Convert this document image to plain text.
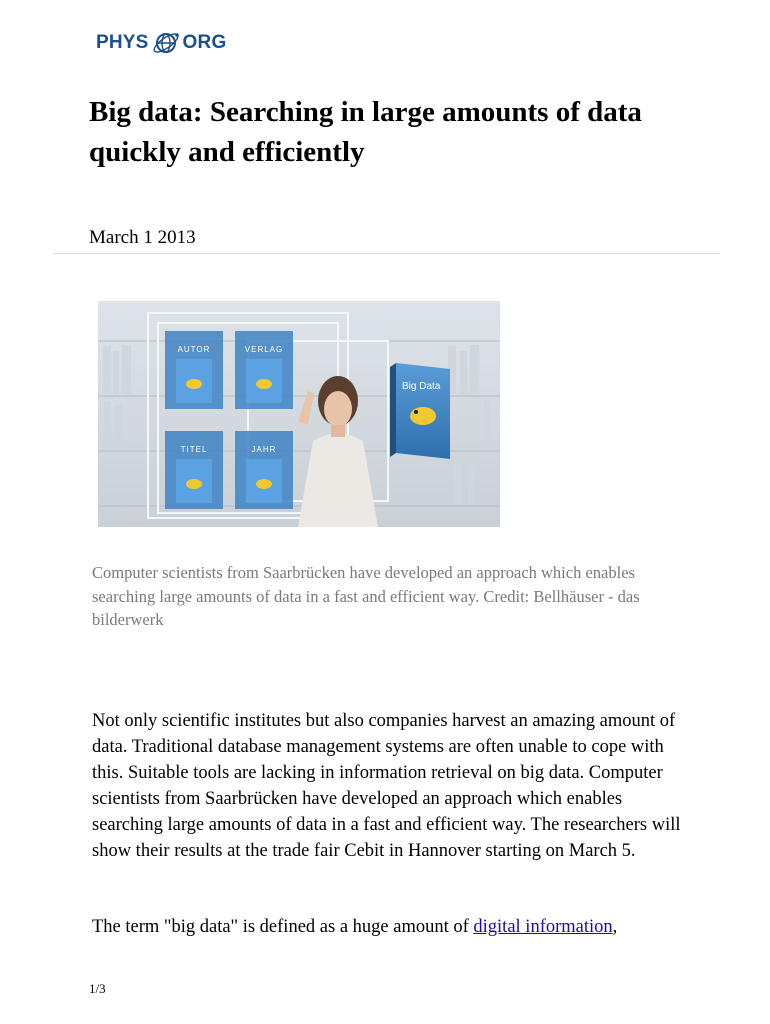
PHYS ORG
Big data: Searching in large amounts of data quickly and efficiently
March 1 2013
AUTOR	VERLAG
TITEL	JAHR
Big Data
Computer scientists from Saarbrücken have developed an approach which enables searching large amounts of data in a fast and efficient way. Credit: Bellhäuser - das bilderwerk

Not only scientific institutes but also companies harvest an amazing amount of data. Traditional database management systems are often unable to cope with this. Suitable tools are lacking in information retrieval on big data. Computer scientists from Saarbrücken have developed an approach which enables searching large amounts of data in a fast and efficient way. The researchers will show their results at the trade fair Cebit in Hannover starting on March 5.

The term "big data" is defined as a huge amount of digital information,

1/3
